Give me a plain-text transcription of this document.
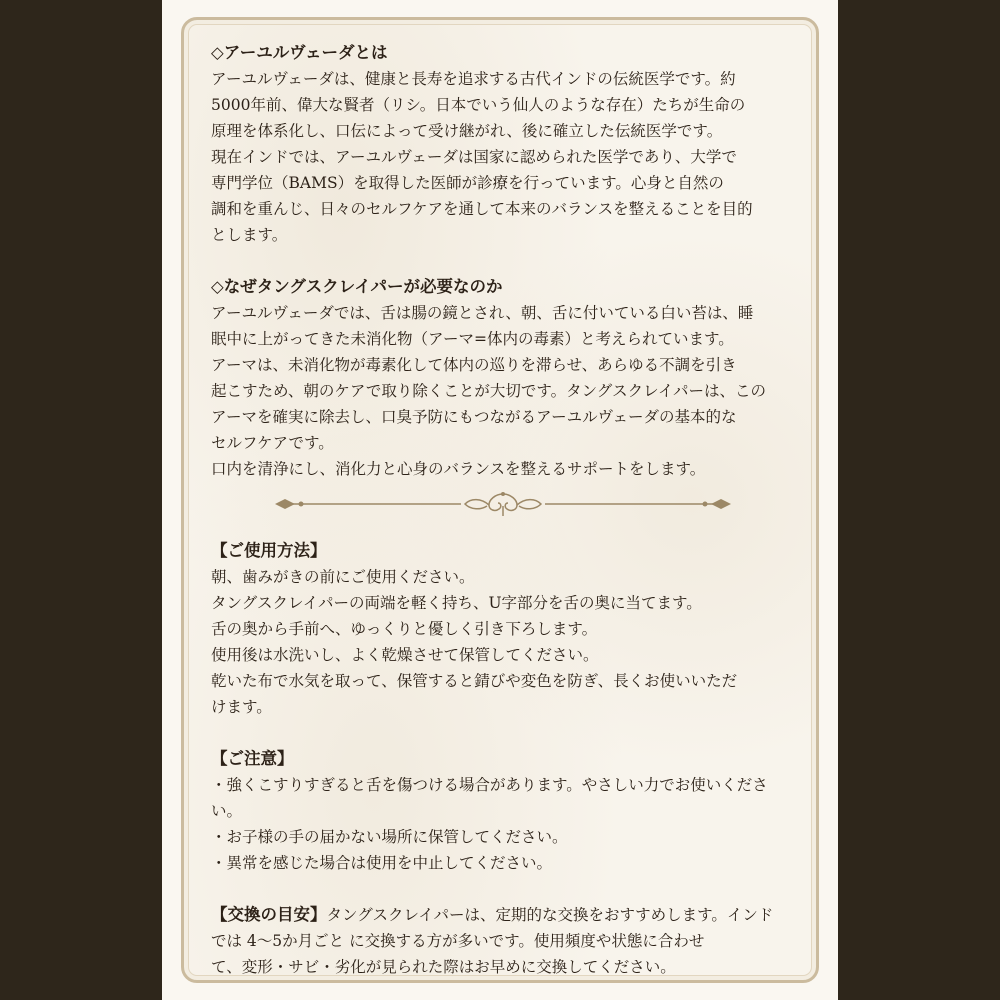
◇アーユルヴェーダとは

アーユルヴェーダは、健康と長寿を追求する古代インドの伝統医学です。約

5000年前、偉大な賢者（リシ。日本でいう仙人のような存在）たちが生命の

原理を体系化し、口伝によって受け継がれ、後に確立した伝統医学です。

現在インドでは、アーユルヴェーダは国家に認められた医学であり、大学で

専門学位（BAMS）を取得した医師が診療を行っています。心身と自然の

調和を重んじ、日々のセルフケアを通して本来のバランスを整えることを目的

とします。

◇なぜタングスクレイパーが必要なのか

アーユルヴェーダでは、舌は腸の鏡とされ、朝、舌に付いている白い苔は、睡

眠中に上がってきた未消化物（アーマ=体内の毒素）と考えられています。

アーマは、未消化物が毒素化して体内の巡りを滞らせ、あらゆる不調を引き

起こすため、朝のケアで取り除くことが大切です。タングスクレイパーは、この

アーマを確実に除去し、口臭予防にもつながるアーユルヴェーダの基本的な

セルフケアです。

口内を清浄にし、消化力と心身のバランスを整えるサポートをします。

【ご使用方法】

朝、歯みがきの前にご使用ください。

タングスクレイパーの両端を軽く持ち、U字部分を舌の奥に当てます。

舌の奥から手前へ、ゆっくりと優しく引き下ろします。

使用後は水洗いし、よく乾燥させて保管してください。

乾いた布で水気を取って、保管すると錆びや変色を防ぎ、長くお使いいただ

けます。

【ご注意】

・強くこすりすぎると舌を傷つける場合があります。やさしい力でお使いください。

・お子様の手の届かない場所に保管してください。

・異常を感じた場合は使用を中止してください。

【交換の目安】タングスクレイパーは、定期的な交換をおすすめします。インド

では 4〜5か月ごと に交換する方が多いです。使用頻度や状態に合わせ

て、変形・サビ・劣化が見られた際はお早めに交換してください。
